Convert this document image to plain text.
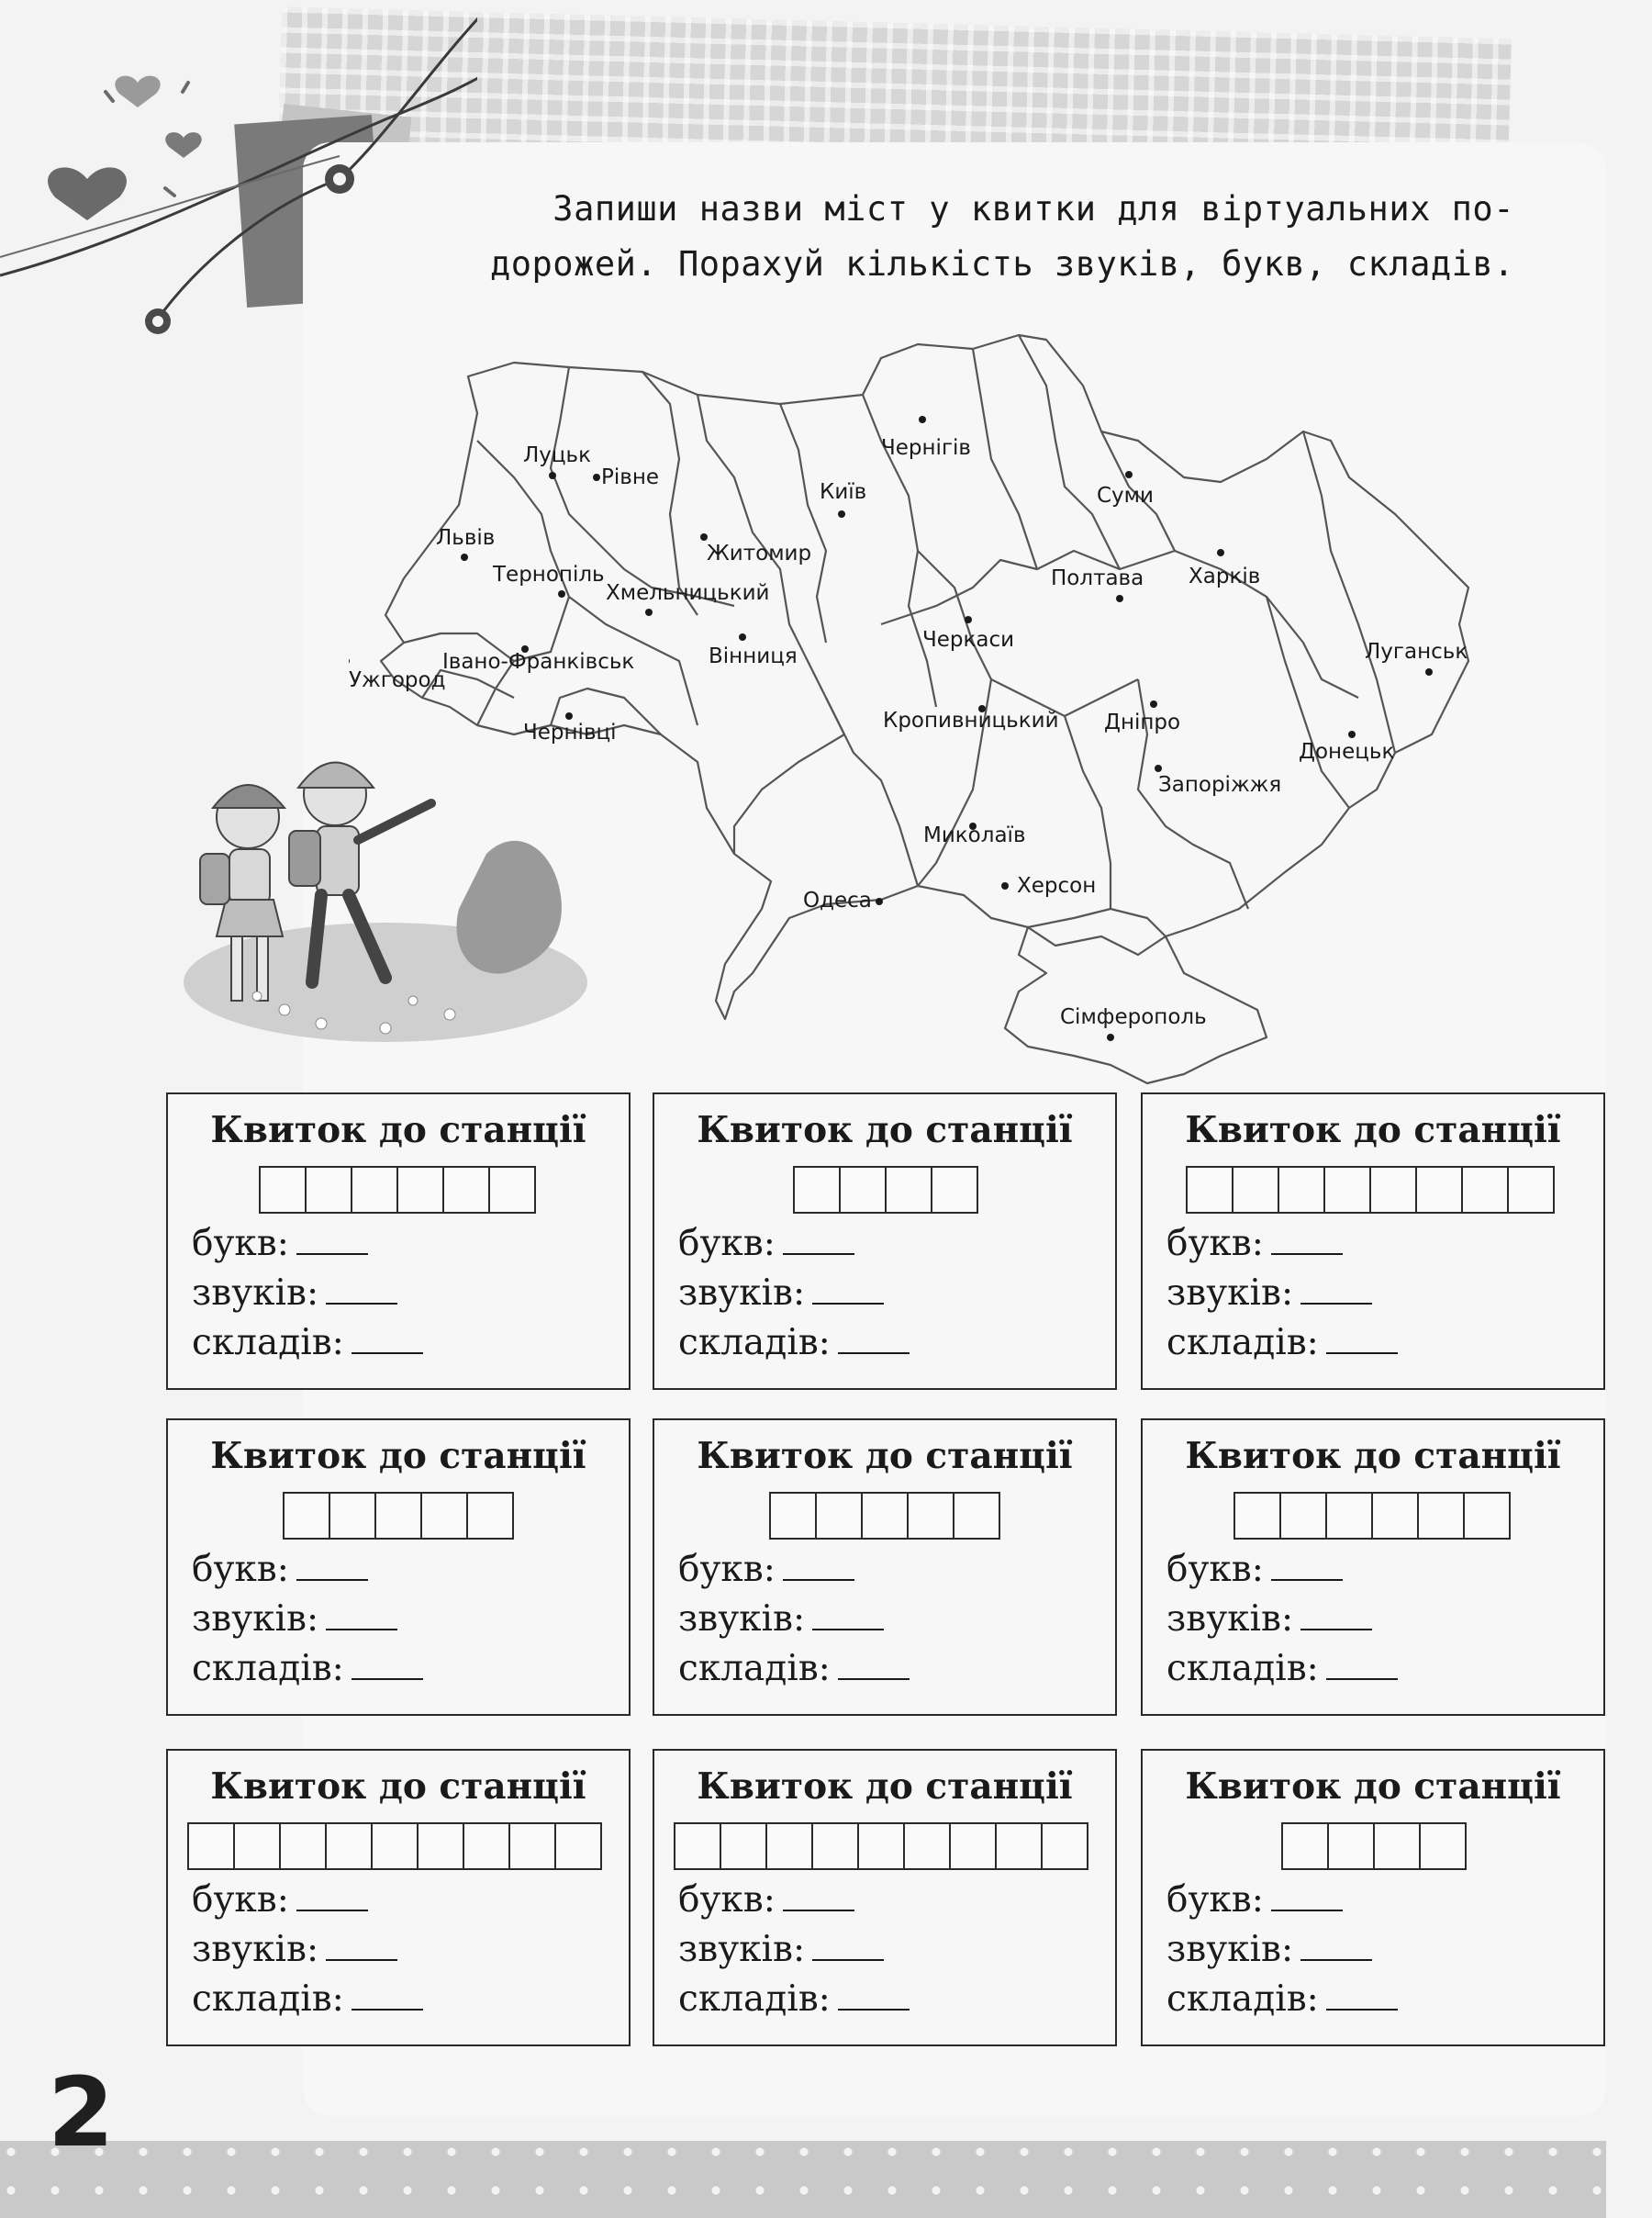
Запиши назви міст у квитки для віртуальних по-
дорожей. Порахуй кількість звуків, букв, складів.

Луцьк
Рівне
Львів
Тернопіль
Хмельницький
Житомир
Київ
Чернігів
Суми
Полтава Харків
Луганськ
Ужгород
Івано-Франківськ	Вінниця
Черкаси
Чернівці	Кропивницький Дніпро
Донецьк
Запоріжжя
Миколаїв
Одеса
Херсон
Сімферополь
Квиток до станції
букв:
звуків:
складів:
Квиток до станції
букв:
звуків:
складів:
Квиток до станції
букв:
звуків:
складів:
Квиток до станції
букв:
звуків:
складів:
Квиток до станції
букв:
звуків:
складів:
Квиток до станції
букв:
звуків:
складів:
Квиток до станції
букв:
звуків:
складів:
Квиток до станції
букв:
звуків:
складів:
Квиток до станції
букв:
звуків:
складів:
2
